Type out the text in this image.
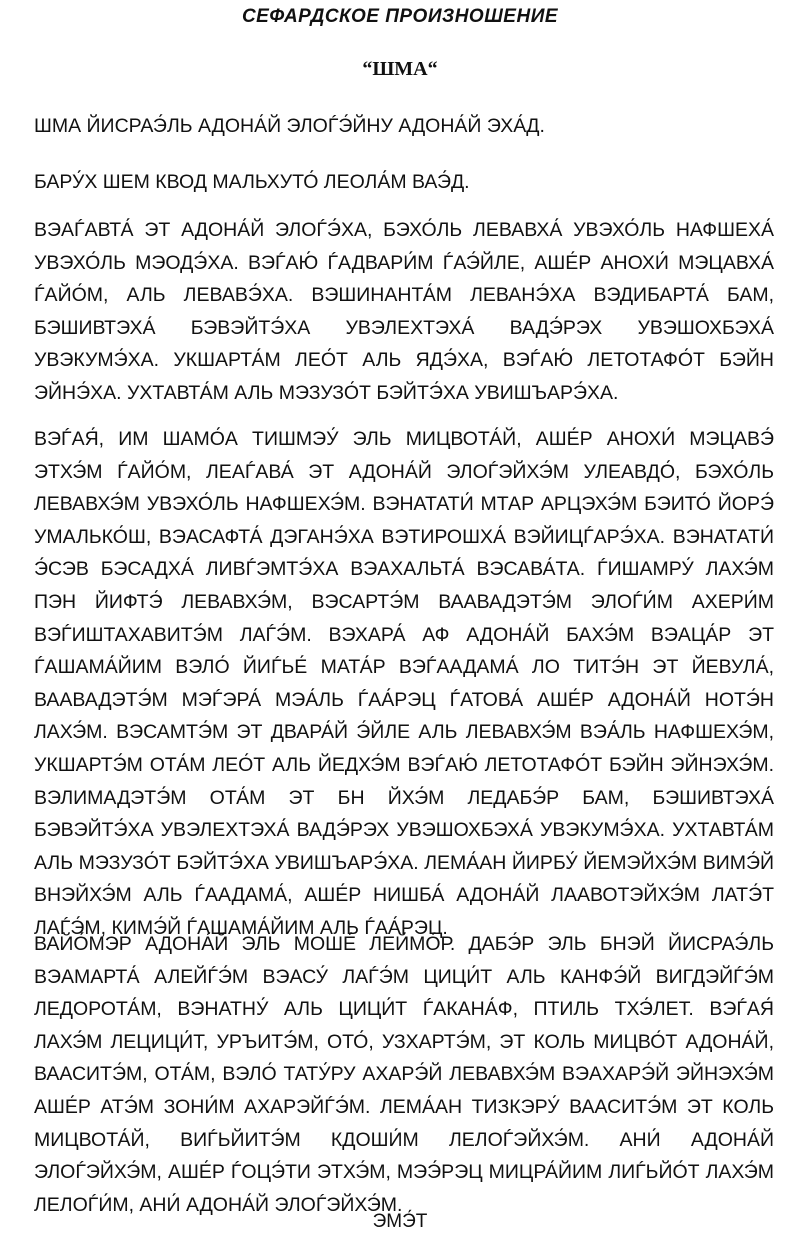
СЕФАРДСКОЕ ПРОИЗНОШЕНИЕ
“ШМА“

ШМА ЙИСРАЭ́ЛЬ АДОНА́Й ЭЛОЃЭ́ЙНУ АДОНА́Й ЭХА́Д.

БАРУ́Х ШЕМ КВОД МАЛЬХУТО́ ЛЕОЛА́М ВАЭ́Д.

ВЭАЃАВТА́ ЭТ АДОНА́Й ЭЛОЃЭ́ХА, БЭХО́ЛЬ ЛЕВАВХА́ УВЭХО́ЛЬ НАФШЕХА́ УВЭХО́ЛЬ МЭОДЭ́ХА. ВЭЃАЮ́ ЃАДВАРИ́М ЃАЭ́ЙЛЕ, АШЕ́Р АНОХИ́ МЭЦАВХА́ ЃАЙО́М, АЛЬ ЛЕВАВЭ́ХА. ВЭШИНАНТА́М ЛЕВАНЭ́ХА ВЭДИБАРТА́ БАМ, БЭШИВТЭХА́ БЭВЭЙТЭ́ХА УВЭЛЕХТЭХА́ ВАДЭ́РЭХ УВЭШОХБЭХА́ УВЭКУМЭ́ХА. УКШАРТА́М ЛЕО́Т АЛЬ ЯДЭ́ХА, ВЭЃАЮ́ ЛЕТОТАФО́Т БЭЙН ЭЙНЭ́ХА. УХТАВТА́М АЛЬ МЭЗУЗО́Т БЭЙТЭ́ХА УВИШЪАРЭ́ХА.

ВЭЃАЯ́, ИМ ШАМО́А ТИШМЭУ́ ЭЛЬ МИЦВОТА́Й, АШЕ́Р АНОХИ́ МЭЦАВЭ́ ЭТХЭ́М ЃАЙО́М, ЛЕАЃАВА́ ЭТ АДОНА́Й ЭЛОЃЭЙХЭ́М УЛЕАВДО́, БЭХО́ЛЬ ЛЕВАВХЭ́М УВЭХО́ЛЬ НАФШЕХЭ́М. ВЭНАТАТИ́ МТАР АРЦЭХЭ́М БЭИТО́ ЙОРЭ́ УМАЛЬКО́Ш, ВЭАСАФТА́ ДЭГАНЭ́ХА ВЭТИРОШХА́ ВЭЙИЦЃАРЭ́ХА. ВЭНАТАТИ́ Э́СЭВ БЭСАДХА́ ЛИВЃЭМТЭ́ХА ВЭАХАЛЬТА́ ВЭСАВА́ТА. ЃИШАМРУ́ ЛАХЭ́М ПЭН ЙИФТЭ́ ЛЕВАВХЭ́М, ВЭСАРТЭ́М ВААВАДЭТЭ́М ЭЛОЃИ́М АХЕРИ́М ВЭЃИШТАХАВИТЭ́М ЛАЃЭ́М. ВЭХАРА́ АФ АДОНА́Й БАХЭ́М ВЭАЦА́Р ЭТ ЃАШАМА́ЙИМ ВЭЛО́ ЙИЃЬЕ́ МАТА́Р ВЭЃААДАМА́ ЛО ТИТЭ́Н ЭТ ЙЕВУЛА́, ВААВАДЭТЭ́М МЭЃЭРА́ МЭА́ЛЬ ЃАА́РЭЦ ЃАТОВА́ АШЕ́Р АДОНА́Й НОТЭ́Н ЛАХЭ́М. ВЭСАМТЭ́М ЭТ ДВАРА́Й Э́ЙЛЕ АЛЬ ЛЕВАВХЭ́М ВЭА́ЛЬ НАФШЕХЭ́М, УКШАРТЭ́М ОТА́М ЛЕО́Т АЛЬ ЙЕДХЭ́М ВЭЃАЮ́ ЛЕТОТАФО́Т БЭЙН ЭЙНЭХЭ́М. ВЭЛИМАДЭТЭ́М ОТА́М ЭТ БН ЙХЭ́М ЛЕДАБЭ́Р БАМ, БЭШИВТЭХА́ БЭВЭЙТЭ́ХА УВЭЛЕХТЭХА́ ВАДЭ́РЭХ УВЭШОХБЭХА́ УВЭКУМЭ́ХА. УХТАВТА́М АЛЬ МЭЗУЗО́Т БЭЙТЭ́ХА УВИШЪАРЭ́ХА. ЛЕМА́АН ЙИРБУ́ ЙЕМЭЙХЭ́М ВИМЭ́Й ВНЭЙХЭ́М АЛЬ ЃААДАМА́, АШЕ́Р НИШБА́ АДОНА́Й ЛААВОТЭЙХЭ́М ЛАТЭ́Т ЛАЃЭ́М, КИМЭ́Й ЃАШАМА́ЙИМ АЛЬ ЃАА́РЭЦ.

ВАЙО́МЭР АДОНА́Й ЭЛЬ МОШЕ́ ЛЕЙМО́Р. ДАБЭ́Р ЭЛЬ БНЭЙ ЙИСРАЭ́ЛЬ ВЭАМАРТА́ АЛЕЙЃЭ́М ВЭАСУ́ ЛАЃЭ́М ЦИЦИ́Т АЛЬ КАНФЭ́Й ВИГДЭЙЃЭ́М ЛЕДОРОТА́М, ВЭНАТНУ́ АЛЬ ЦИЦИ́Т ЃАКАНА́Ф, ПТИЛЬ ТХЭ́ЛЕТ. ВЭЃАЯ́ ЛАХЭ́М ЛЕЦИЦИ́Т, УРЪИТЭ́М, ОТО́, УЗХАРТЭ́М, ЭТ КОЛЬ МИЦВО́Т АДОНА́Й, ВААСИТЭ́М, ОТА́М, ВЭЛО́ ТАТУ́РУ АХАРЭ́Й ЛЕВАВХЭ́М ВЭАХАРЭ́Й ЭЙНЭХЭ́М АШЕ́Р АТЭ́М ЗОНИ́М АХАРЭЙЃЭ́М. ЛЕМА́АН ТИЗКЭРУ́ ВААСИТЭ́М ЭТ КОЛЬ МИЦВОТА́Й, ВИЃЬЙИТЭ́М КДОШИ́М ЛЕЛОЃЭЙХЭ́М. АНИ́ АДОНА́Й ЭЛОЃЭЙХЭ́М, АШЕ́Р ЃОЦЭ́ТИ ЭТХЭ́М, МЭЭ́РЭЦ МИЦРА́ЙИМ ЛИЃЬЙО́Т ЛАХЭ́М ЛЕЛОЃИ́М, АНИ́ АДОНА́Й ЭЛОЃЭЙХЭ́М.

ЭМЭ́Т
